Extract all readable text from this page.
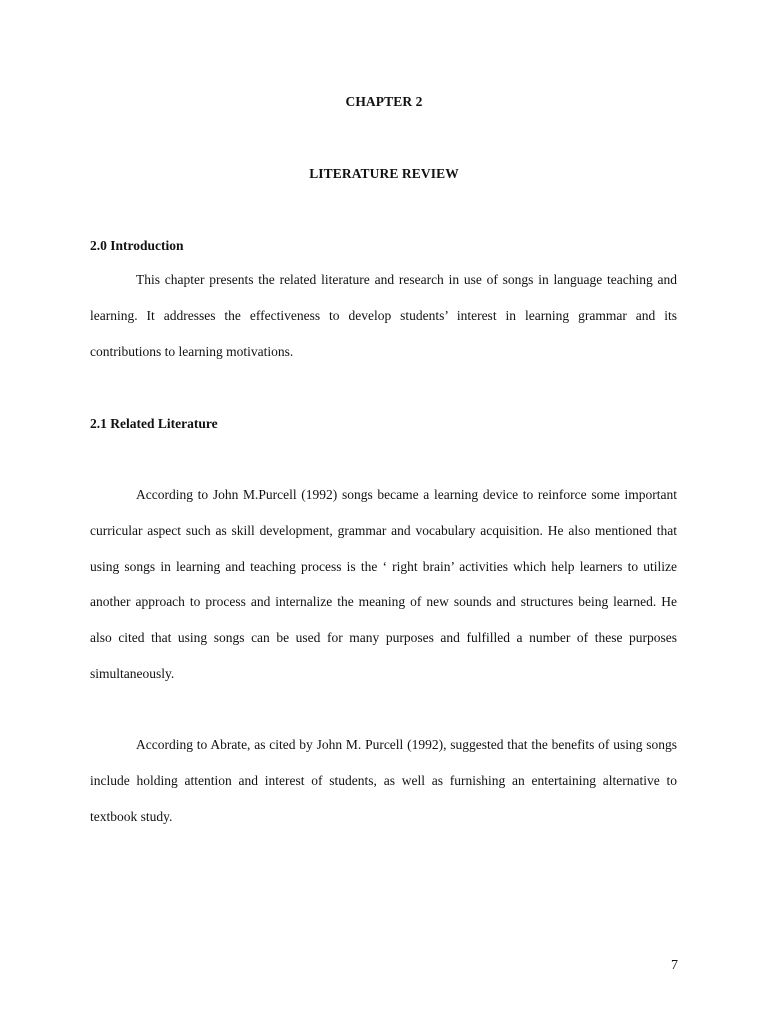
CHAPTER 2
LITERATURE REVIEW
2.0 Introduction

This chapter presents the related literature and research in use of songs in language teaching and learning. It addresses the effectiveness to develop students’ interest in learning grammar and its contributions to learning motivations.

2.1 Related Literature

According to John M.Purcell (1992) songs became a learning device to reinforce some important curricular aspect such as skill development, grammar and vocabulary acquisition. He also mentioned that using songs in learning and teaching process is the ‘ right brain’ activities which help learners to utilize another approach to process and internalize the meaning of new sounds and structures being learned. He also cited that using songs can be used for many purposes and fulfilled a number of these purposes simultaneously.

According to Abrate, as cited by John M. Purcell (1992), suggested that the benefits of using songs include holding attention and interest of students, as well as furnishing an entertaining alternative to textbook study.

7
